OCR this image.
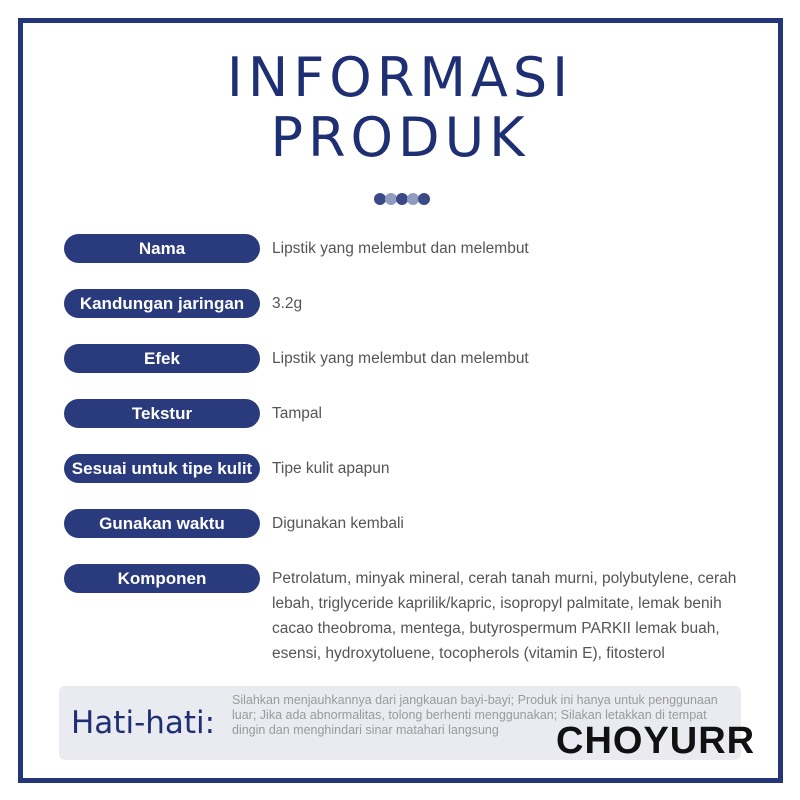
INFORMASI
PRODUK
Nama	Lipstik yang melembut dan melembut
Kandungan jaringan	3.2g
Efek	Lipstik yang melembut dan melembut
Tekstur	Tampal
Sesuai untuk tipe kulit	Tipe kulit apapun
Gunakan waktu	Digunakan kembali
Komponen	Petrolatum, minyak mineral, cerah tanah murni, polybutylene, cerah lebah, triglyceride kaprilik/kapric, isopropyl palmitate, lemak benih cacao theobroma, mentega, butyrospermum PARKII lemak buah, esensi, hydroxytoluene, tocopherols (vitamin E), fitosterol
Hati-hati:
Silahkan menjauhkannya dari jangkauan bayi-bayi; Produk ini hanya untuk penggunaan luar; Jika ada abnormalitas, tolong berhenti menggunakan; Silakan letakkan di tempat dingin dan menghindari sinar matahari langsung	CHOYURR
